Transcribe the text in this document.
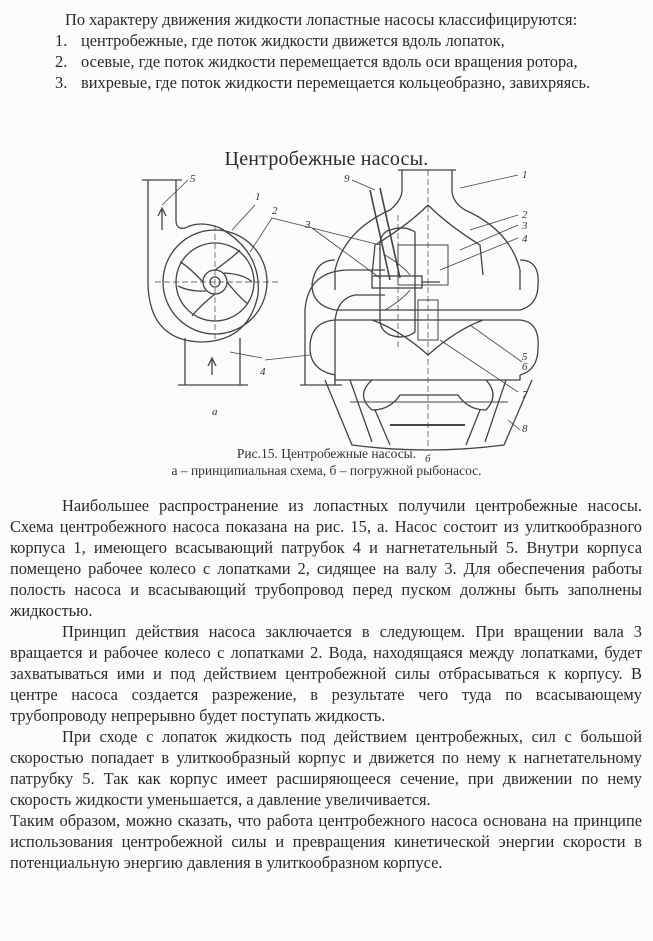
По характеру движения жидкости лопастные насосы классифицируются:

1. центробежные, где поток жидкости движется вдоль лопаток,

2. осевые, где поток жидкости перемещается вдоль оси вращения ротора,

3. вихревые, где поток жидкости перемещается кольцеобразно, завихряясь.

Центробежные насосы.
5
1
2
3
4
а
9	1
2
3
4
5
6
7
8
б
Рис.15. Центробежные насосы.
а – принципиальная схема, б – погружной рыбонасос.

Наибольшее распространение из лопастных получили центробежные насосы. Схема центробежного насоса показана на рис. 15, а. Насос состоит из улиткообразного корпуса 1, имеющего всасывающий патрубок 4 и нагнетательный 5. Внутри корпуса помещено рабочее колесо с лопатками 2, сидящее на валу 3. Для обеспечения работы полость насоса и всасывающий трубопровод перед пуском должны быть заполнены жидкостью.

Принцип действия насоса заключается в следующем. При вращении вала 3 вращается и рабочее колесо с лопатками 2. Вода, находящаяся между лопатками, будет захватываться ими и под действием центробежной силы отбрасываться к корпусу. В центре насоса создается разрежение, в результате чего туда по всасывающему трубопроводу непрерывно будет поступать жидкость.

При сходе с лопаток жидкость под действием центробежных, сил с большой скоростью попадает в улиткообразный корпус и движется по нему к нагнетательному патрубку 5. Так как корпус имеет расширяющееся сечение, при движении по нему скорость жидкости уменьшается, а давление увеличивается.

Таким образом, можно сказать, что работа центробежного насоса основана на принципе использования центробежной силы и превращения кинетической энергии скорости в потенциальную энергию давления в улиткообразном корпусе.
